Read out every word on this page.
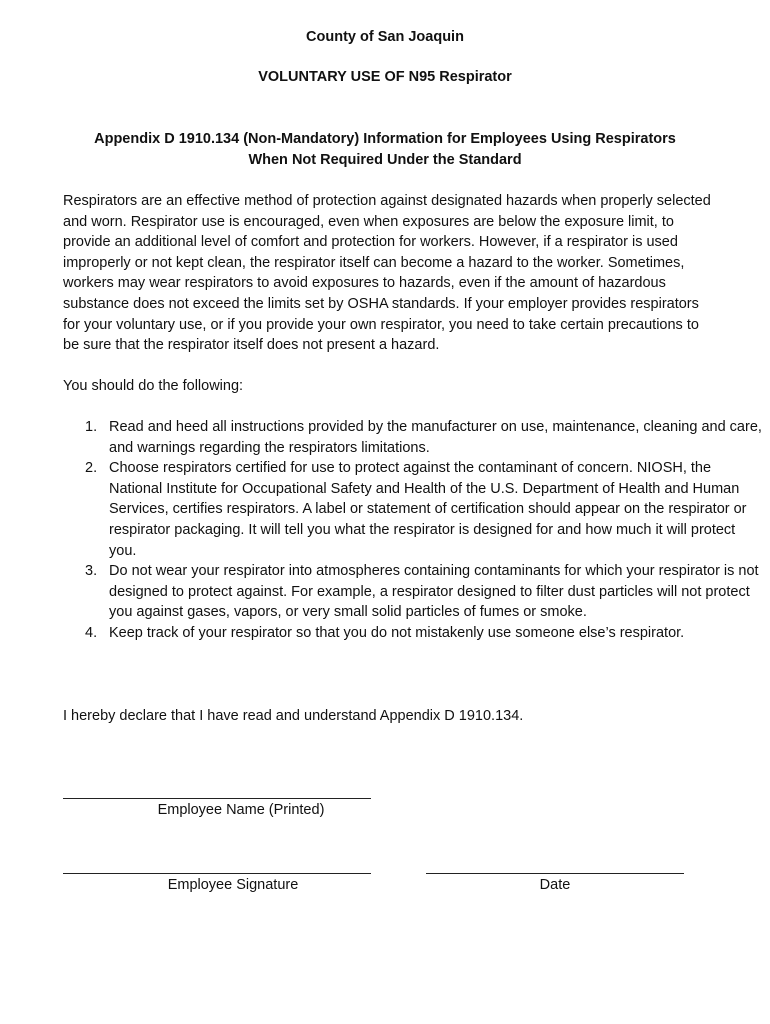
County of San Joaquin
VOLUNTARY USE OF N95 Respirator
Appendix D 1910.134 (Non-Mandatory) Information for Employees Using Respirators
When Not Required Under the Standard

Respirators are an effective method of protection against designated hazards when properly selected and worn. Respirator use is encouraged, even when exposures are below the exposure limit, to provide an additional level of comfort and protection for workers. However, if a respirator is used improperly or not kept clean, the respirator itself can become a hazard to the worker. Sometimes, workers may wear respirators to avoid exposures to hazards, even if the amount of hazardous substance does not exceed the limits set by OSHA standards. If your employer provides respirators for your voluntary use, or if you provide your own respirator, you need to take certain precautions to be sure that the respirator itself does not present a hazard.

You should do the following:

Read and heed all instructions provided by the manufacturer on use, maintenance, cleaning and care, and warnings regarding the respirators limitations.
Choose respirators certified for use to protect against the contaminant of concern. NIOSH, the National Institute for Occupational Safety and Health of the U.S. Department of Health and Human Services, certifies respirators. A label or statement of certification should appear on the respirator or respirator packaging. It will tell you what the respirator is designed for and how much it will protect you.
Do not wear your respirator into atmospheres containing contaminants for which your respirator is not designed to protect against. For example, a respirator designed to filter dust particles will not protect you against gases, vapors, or very small solid particles of fumes or smoke.
Keep track of your respirator so that you do not mistakenly use someone else’s respirator.

I hereby declare that I have read and understand Appendix D 1910.134.

Employee Name (Printed)
Employee Signature	Date
